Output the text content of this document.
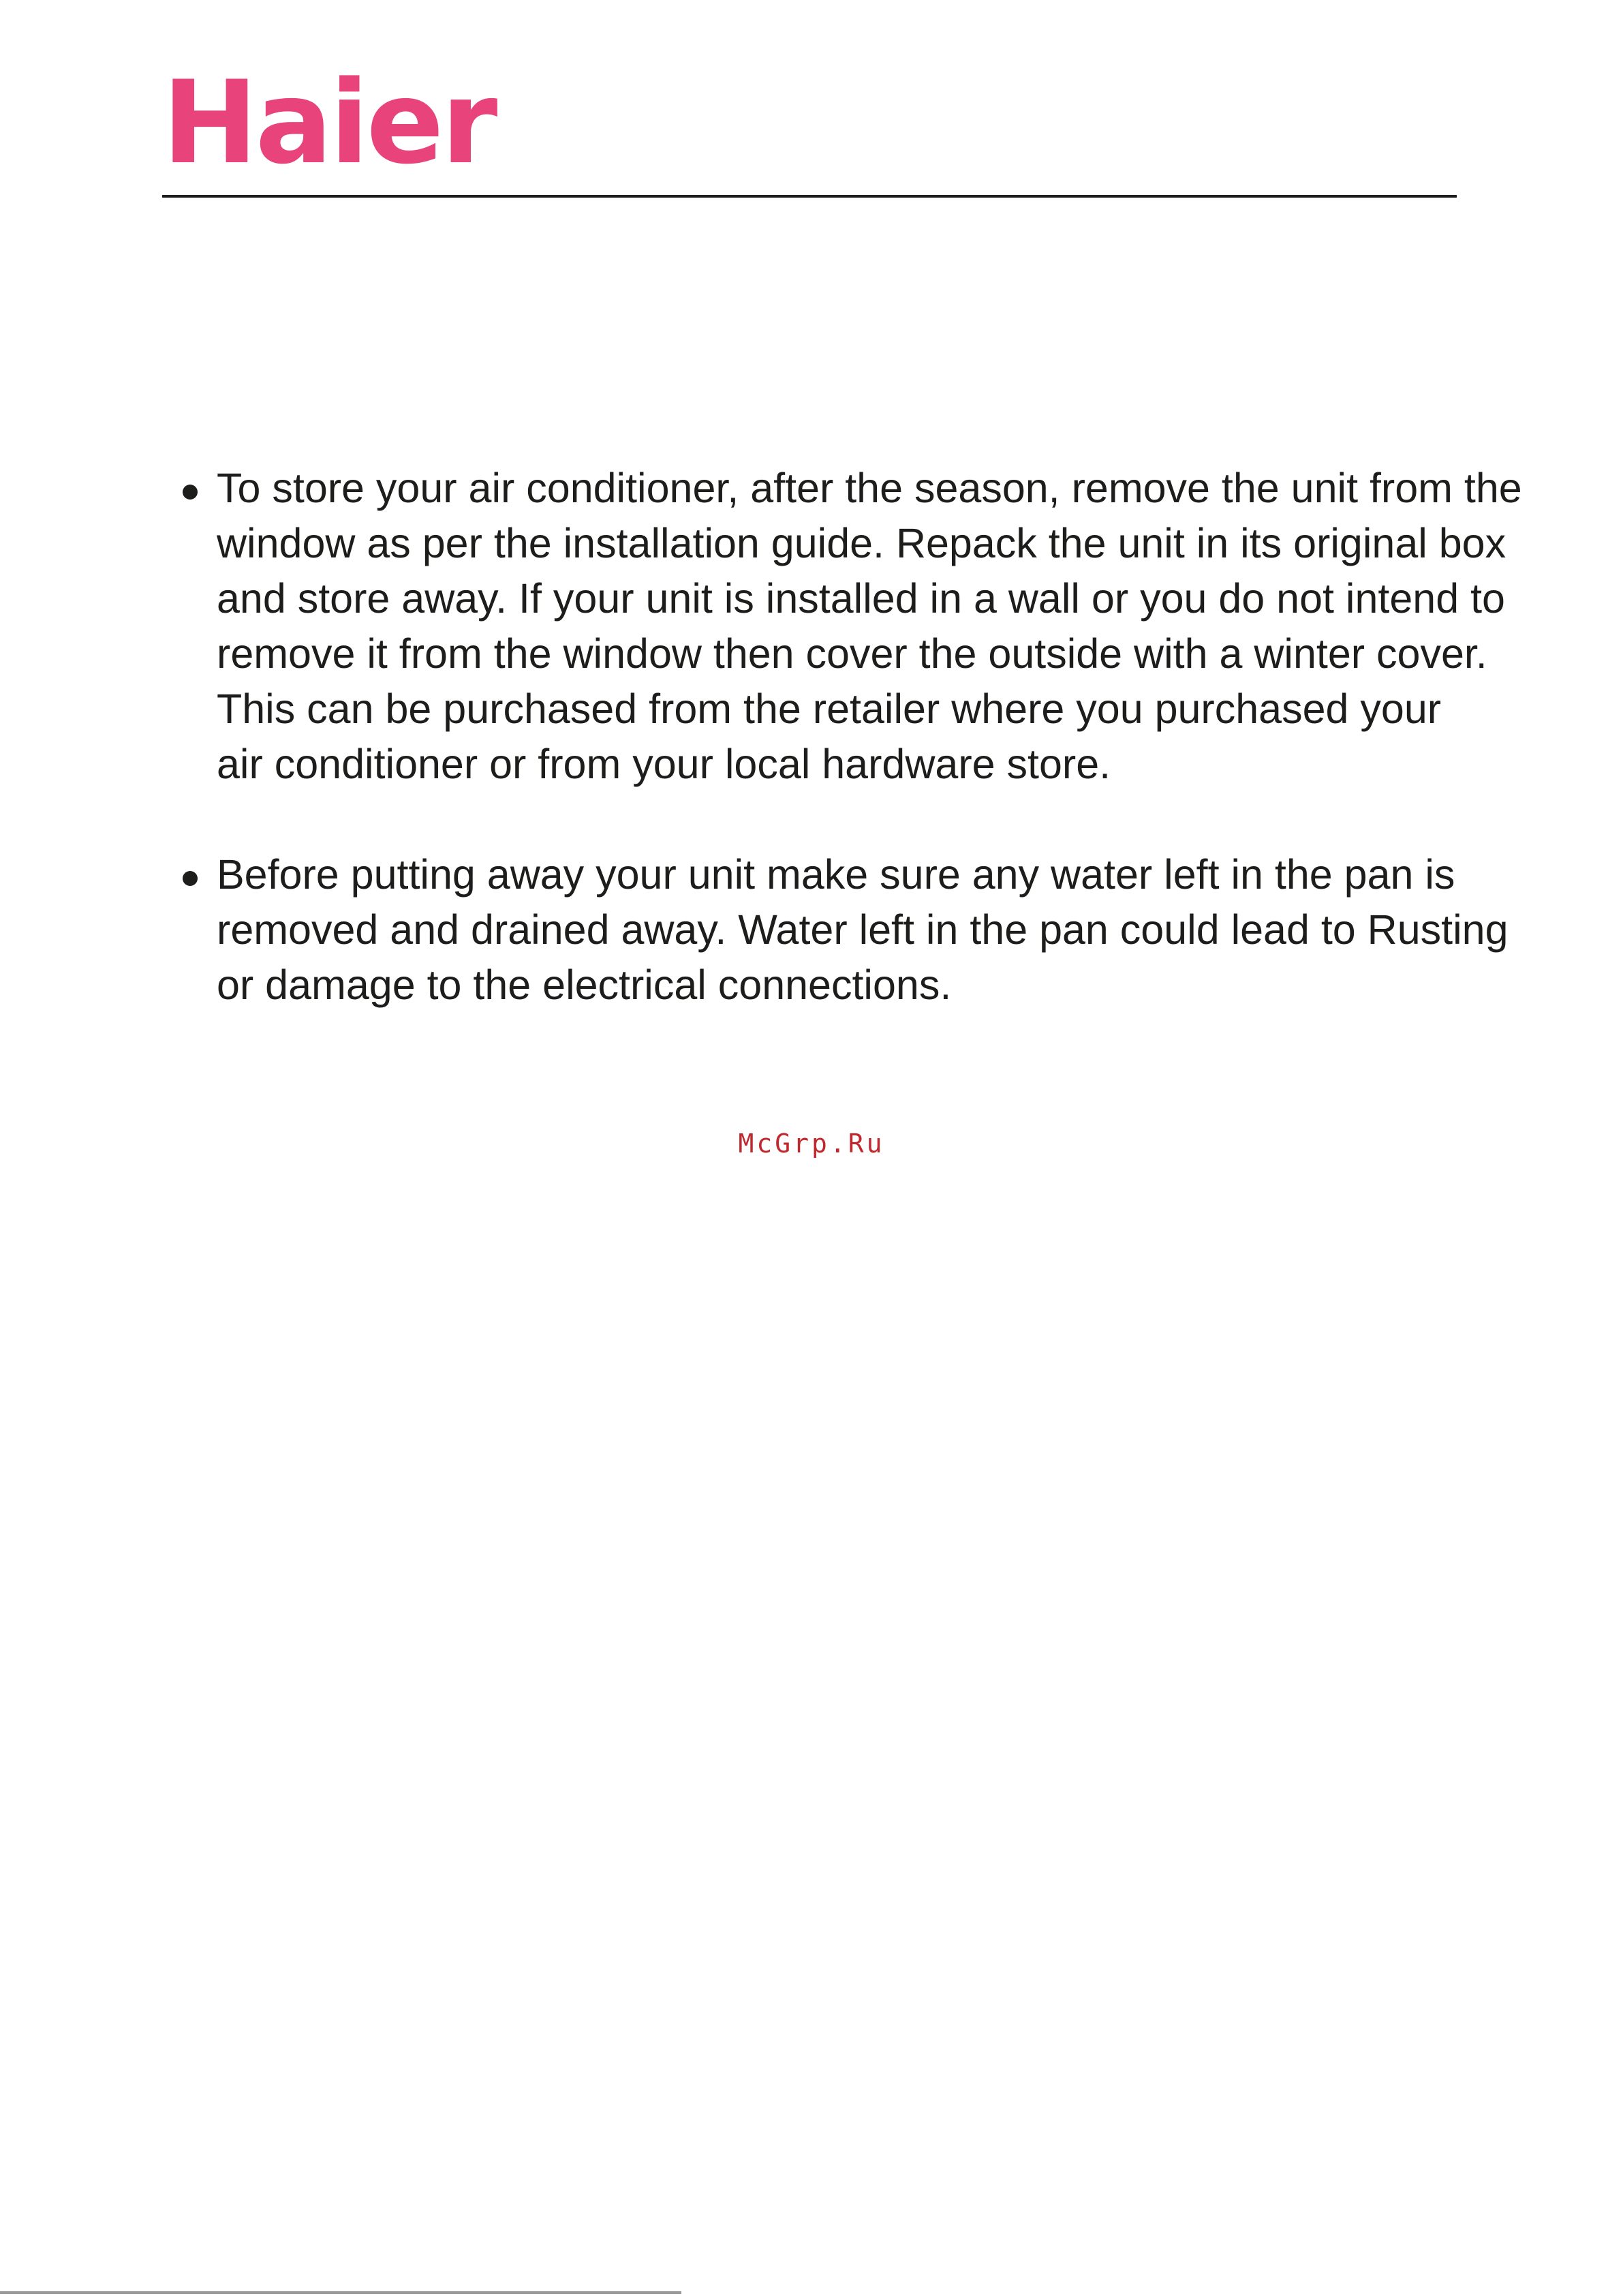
Haier
To store your air conditioner, after the season, remove the unit from the
window as per the installation guide. Repack the unit in its original box
and store away. If your unit is installed in a wall or you do not intend to
remove it from the window then cover the outside with a winter cover.
This can be purchased from the retailer where you purchased your
air conditioner or from your local hardware store.
Before putting away your unit make sure any water left in the pan is
removed and drained away. Water left in the pan could lead to Rusting
or damage to the electrical connections.
McGrp.Ru
